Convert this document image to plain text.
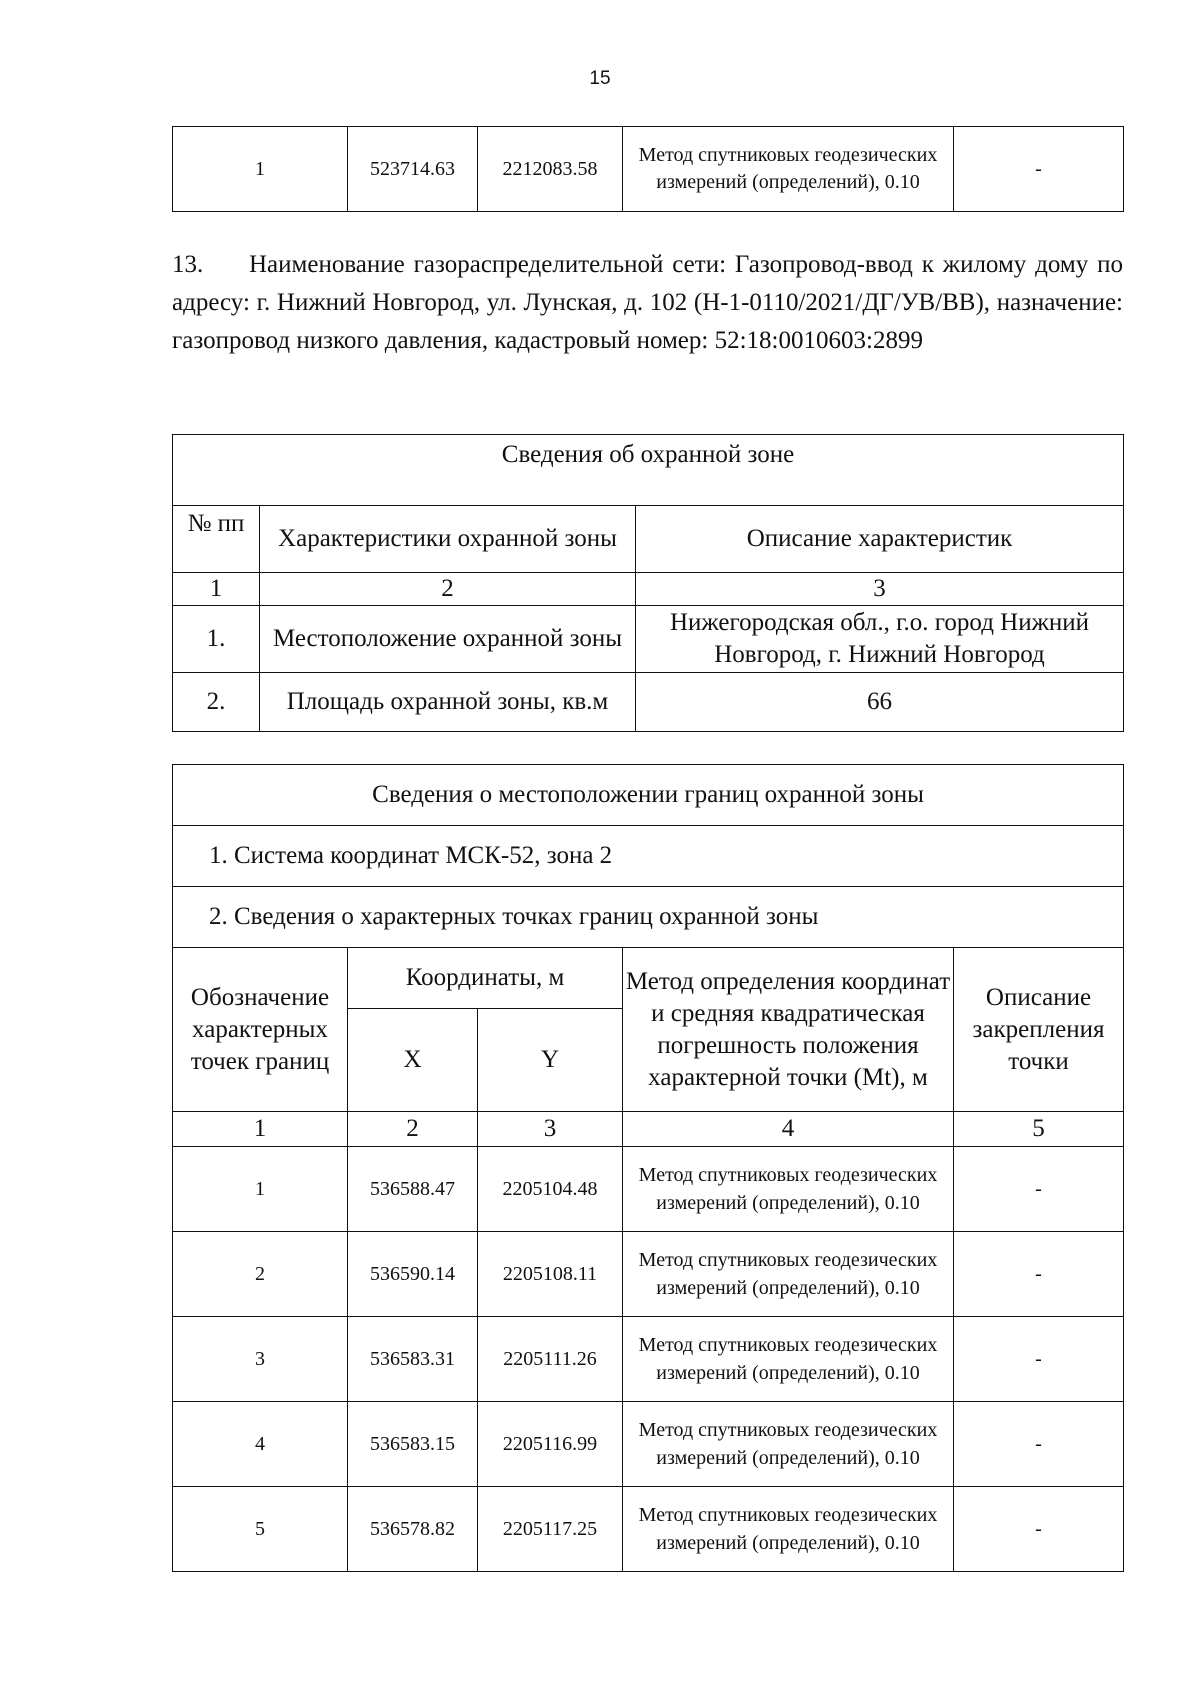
15
1	523714.63	2212083.58	Метод спутниковых геодезических измерений (определений), 0.10	-
13. Наименование газораспределительной сети: Газопровод-ввод к жилому дому по адресу: г. Нижний Новгород, ул. Лунская, д. 102 (Н-1-0110/2021/ДГ/УВ/ВВ), назначение: газопровод низкого давления, кадастровый номер: 52:18:0010603:2899
Сведения об охранной зоне		
№ пп	Характеристики охранной зоны	Описание характеристик
1	2	3
1.	Местоположение охранной зоны	Нижегородская обл., г.о. город Нижний Новгород, г. Нижний Новгород
2.	Площадь охранной зоны, кв.м	66
Сведения о местоположении границ охранной зоны				
1. Система координат МСК-52, зона 2				
2. Сведения о характерных точках границ охранной зоны				
Обозначение характерных точек границ	Координаты, м		Метод определения координат и средняя квадратическая погрешность положения характерной точки (Mt), м	Описание закрепления точки
	X	Y		
1	2	3	4	5
1	536588.47	2205104.48	Метод спутниковых геодезических измерений (определений), 0.10	-
2	536590.14	2205108.11	Метод спутниковых геодезических измерений (определений), 0.10	-
3	536583.31	2205111.26	Метод спутниковых геодезических измерений (определений), 0.10	-
4	536583.15	2205116.99	Метод спутниковых геодезических измерений (определений), 0.10	-
5	536578.82	2205117.25	Метод спутниковых геодезических измерений (определений), 0.10	-
